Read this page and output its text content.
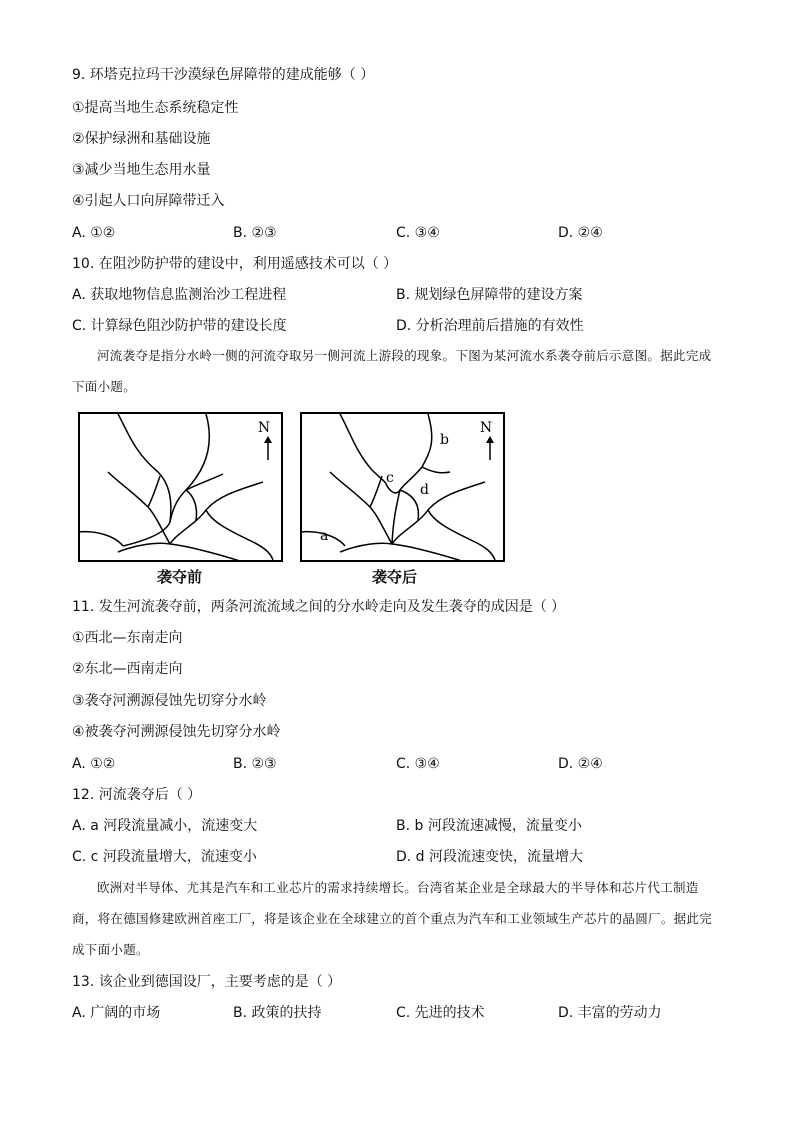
9. 环塔克拉玛干沙漠绿色屏障带的建成能够（ ）
①提高当地生态系统稳定性
②保护绿洲和基础设施
③减少当地生态用水量
④引起人口向屏障带迁入
A. ①②	B. ②③	C. ③④	D. ②④
10. 在阻沙防护带的建设中，利用遥感技术可以（ ）
A. 获取地物信息监测治沙工程进程	B. 规划绿色屏障带的建设方案
C. 计算绿色阻沙防护带的建设长度	D. 分析治理前后措施的有效性
河流袭夺是指分水岭一侧的河流夺取另一侧河流上游段的现象。下图为某河流水系袭夺前后示意图。据此完成下面小题。
N
袭夺前
b
c
d
a
N
袭夺后
11. 发生河流袭夺前，两条河流流域之间的分水岭走向及发生袭夺的成因是（ ）
①西北—东南走向
②东北—西南走向
③袭夺河溯源侵蚀先切穿分水岭
④被袭夺河溯源侵蚀先切穿分水岭
A. ①②	B. ②③	C. ③④	D. ②④
12. 河流袭夺后（ ）
A. a 河段流量减小，流速变大	B. b 河段流速减慢，流量变小
C. c 河段流量增大，流速变小	D. d 河段流速变快，流量增大
欧洲对半导体、尤其是汽车和工业芯片的需求持续增长。台湾省某企业是全球最大的半导体和芯片代工制造商，将在德国修建欧洲首座工厂，将是该企业在全球建立的首个重点为汽车和工业领域生产芯片的晶圆厂。据此完成下面小题。
13. 该企业到德国设厂，主要考虑的是（ ）
A. 广阔的市场	B. 政策的扶持	C. 先进的技术	D. 丰富的劳动力
